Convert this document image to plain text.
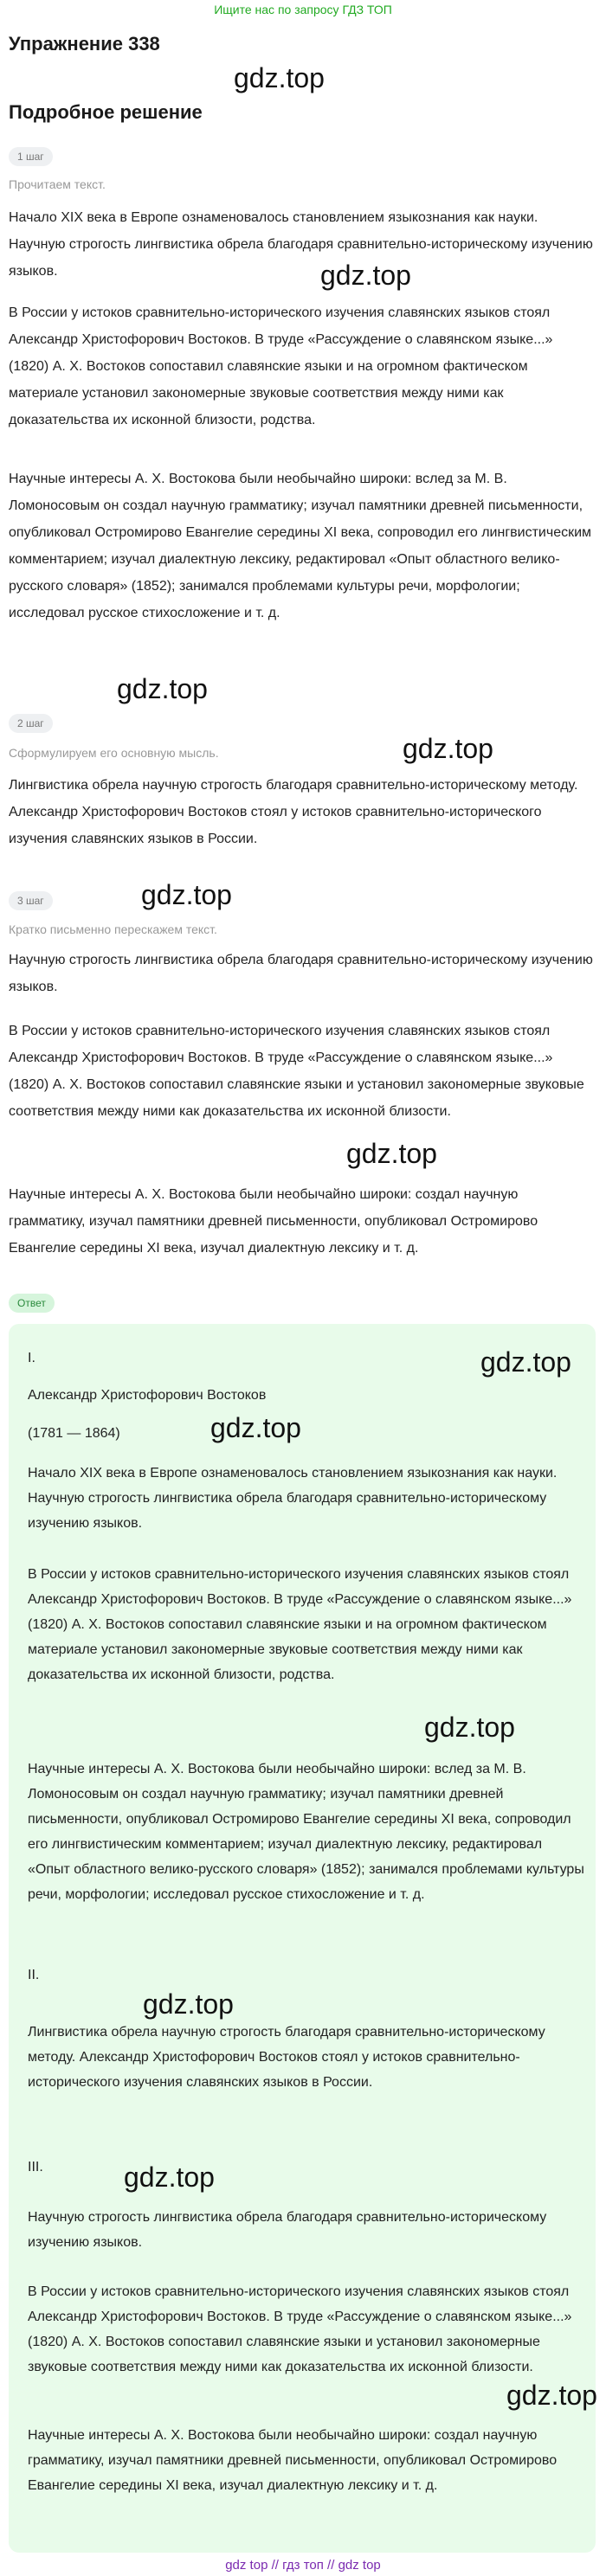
Ищите нас по запросу ГДЗ ТОП
Упражнение 338
gdz.top
Подробное решение
1 шаг
Прочитаем текст.
Начало XIX века в Европе ознаменовалось становлением языкознания как науки. Научную строгость лингвистика обрела благодаря сравнительно-историческому изучению языков.	gdz.top
В России у истоков сравнительно-исторического изучения славянских языков стоял Александр Христофорович Востоков. В труде «Рассуждение о славянском языке...» (1820) А. Х. Востоков сопоставил славянские языки и на огромном фактическом материале установил закономерные звуковые соответствия между ними как доказательства их исконной близости, родства.
Научные интересы А. Х. Востокова были необычайно широки: вслед за М. В. Ломоносовым он создал научную грамматику; изучал памятники древней письменности, опубликовал Остромирово Евангелие середины XI века, сопроводил его лингвистическим комментарием; изучал диалектную лексику, редактировал «Опыт областного велико-русского словаря» (1852); занимался проблемами культуры речи, морфологии; исследовал русское стихосложение и т. д.
gdz.top
2 шаг
gdz.top
Сформулируем его основную мысль.
Лингвистика обрела научную строгость благодаря сравнительно-историческому методу. Александр Христофорович Востоков стоял у истоков сравнительно-исторического изучения славянских языков в России.
3 шаг	gdz.top
Кратко письменно перескажем текст.
Научную строгость лингвистика обрела благодаря сравнительно-историческому изучению языков.
В России у истоков сравнительно-исторического изучения славянских языков стоял Александр Христофорович Востоков. В труде «Рассуждение о славянском языке...» (1820) А. Х. Востоков сопоставил славянские языки и установил закономерные звуковые соответствия между ними как доказательства их исконной близости.
gdz.top
Научные интересы А. Х. Востокова были необычайно широки: создал научную грамматику, изучал памятники древней письменности, опубликовал Остромирово Евангелие середины XI века, изучал диалектную лексику и т. д.
Ответ
I.	gdz.top
Александр Христофорович Востоков
(1781 — 1864)	gdz.top
Начало XIX века в Европе ознаменовалось становлением языкознания как науки. Научную строгость лингвистика обрела благодаря сравнительно-историческому изучению языков.
В России у истоков сравнительно-исторического изучения славянских языков стоял Александр Христофорович Востоков. В труде «Рассуждение о славянском языке...» (1820) А. Х. Востоков сопоставил славянские языки и на огромном фактическом материале установил закономерные звуковые соответствия между ними как доказательства их исконной близости, родства.
gdz.top
Научные интересы А. Х. Востокова были необычайно широки: вслед за М. В. Ломоносовым он создал научную грамматику; изучал памятники древней письменности, опубликовал Остромирово Евангелие середины XI века, сопроводил его лингвистическим комментарием; изучал диалектную лексику, редактировал «Опыт областного велико-русского словаря» (1852); занимался проблемами культуры речи, морфологии; исследовал русское стихосложение и т. д.
II.
gdz.top
Лингвистика обрела научную строгость благодаря сравнительно-историческому методу. Александр Христофорович Востоков стоял у истоков сравнительно-исторического изучения славянских языков в России.
III.	gdz.top
Научную строгость лингвистика обрела благодаря сравнительно-историческому изучению языков.
В России у истоков сравнительно-исторического изучения славянских языков стоял Александр Христофорович Востоков. В труде «Рассуждение о славянском языке...» (1820) А. Х. Востоков сопоставил славянские языки и установил закономерные звуковые соответствия между ними как доказательства их исконной близости.
gdz.top
Научные интересы А. Х. Востокова были необычайно широки: создал научную грамматику, изучал памятники древней письменности, опубликовал Остромирово Евангелие середины XI века, изучал диалектную лексику и т. д.
gdz top // гдз топ // gdz top
